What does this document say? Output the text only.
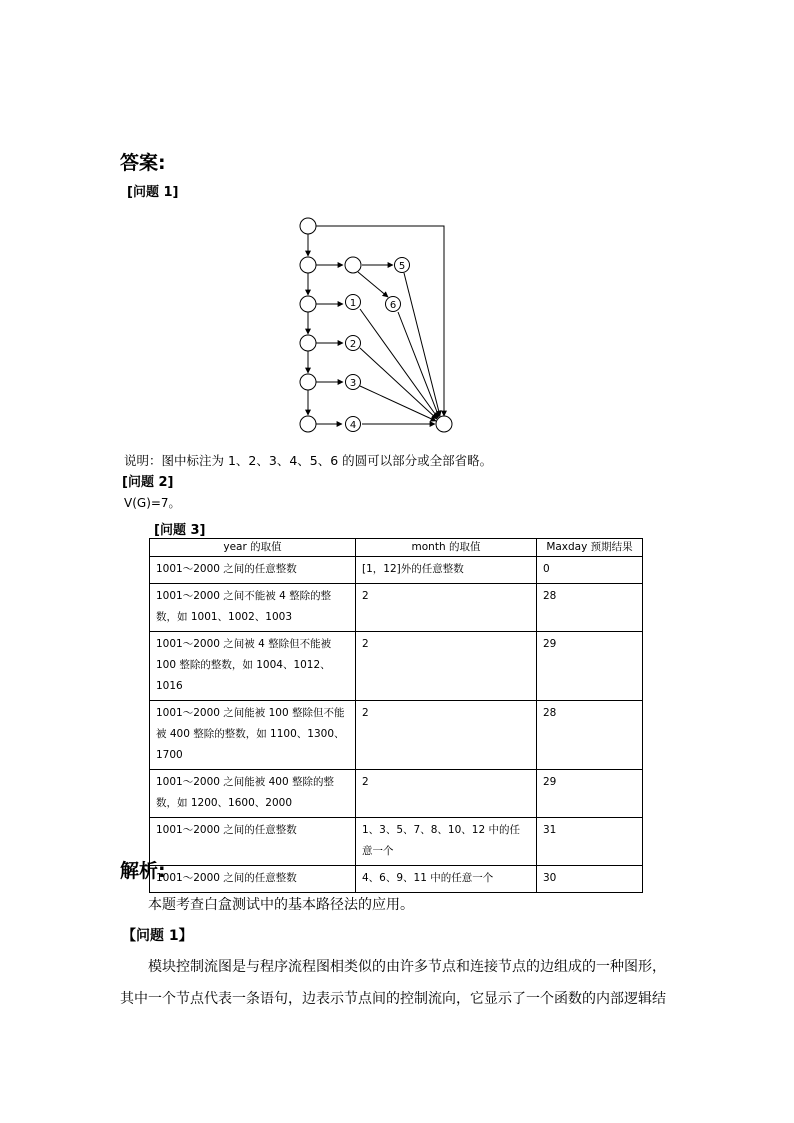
答案:
[问题 1]
5
6
1
2
3
4
说明：图中标注为 1、2、3、4、5、6 的圆可以部分或全部省略。
[问题 2]
V(G)=7。
[问题 3]
year 的取值	month 的取值	Maxday 预期结果
1001～2000 之间的任意整数	[1，12]外的任意整数	0
1001～2000 之间不能被 4 整除的整数，如 1001、1002、1003	2	28
1001～2000 之间被 4 整除但不能被 100 整除的整数，如 1004、1012、1016	2	29
1001～2000 之间能被 100 整除但不能被 400 整除的整数，如 1100、1300、1700	2	28
1001～2000 之间能被 400 整除的整数，如 1200、1600、2000	2	29
1001～2000 之间的任意整数	1、3、5、7、8、10、12 中的任意一个	31
1001～2000 之间的任意整数	4、6、9、11 中的任意一个	30
解析:
本题考查白盒测试中的基本路径法的应用。
【问题 1】
模块控制流图是与程序流程图相类似的由许多节点和连接节点的边组成的一种图形，
其中一个节点代表一条语句，边表示节点间的控制流向，它显示了一个函数的内部逻辑结
